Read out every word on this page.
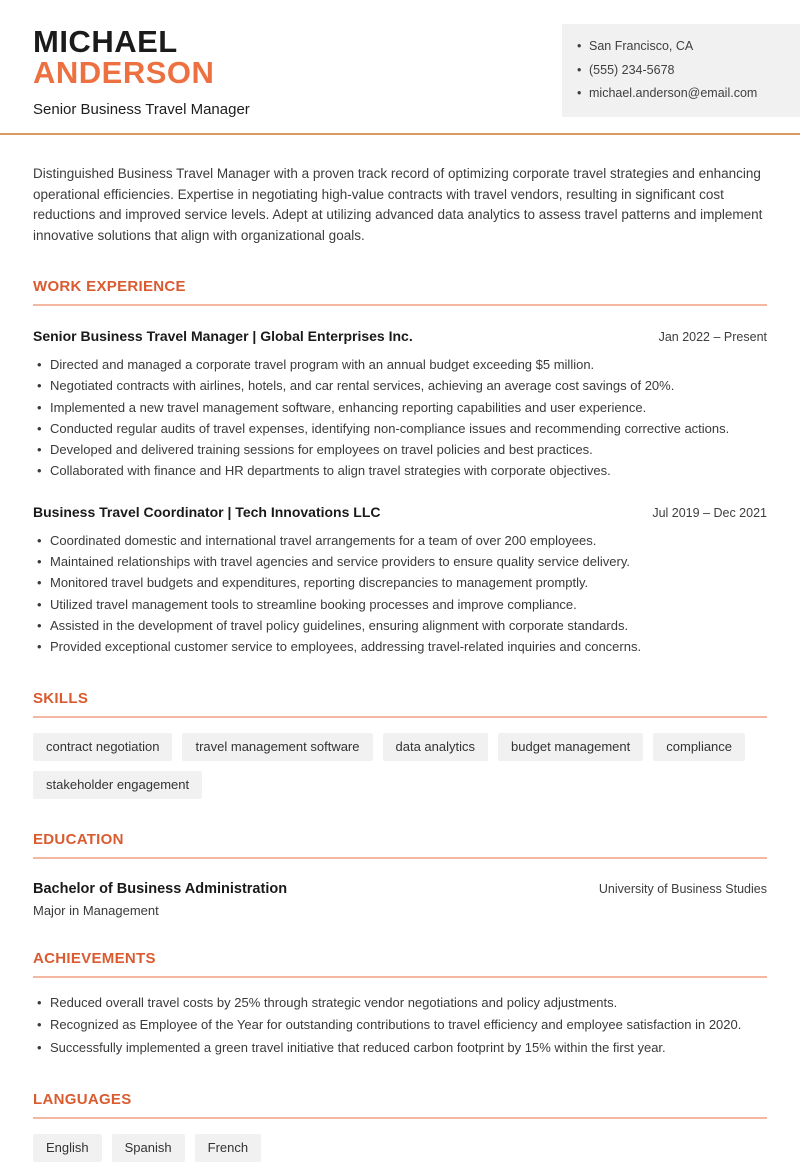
MICHAEL
ANDERSON
Senior Business Travel Manager
• San Francisco, CA
• (555) 234-5678
• michael.anderson@email.com

Distinguished Business Travel Manager with a proven track record of optimizing corporate travel strategies and enhancing operational efficiencies. Expertise in negotiating high-value contracts with travel vendors, resulting in significant cost reductions and improved service levels. Adept at utilizing advanced data analytics to assess travel patterns and implement innovative solutions that align with organizational goals.

WORK EXPERIENCE
Senior Business Travel Manager | Global Enterprises Inc.	Jan 2022 – Present
• Directed and managed a corporate travel program with an annual budget exceeding $5 million.
• Negotiated contracts with airlines, hotels, and car rental services, achieving an average cost savings of 20%.
• Implemented a new travel management software, enhancing reporting capabilities and user experience.
• Conducted regular audits of travel expenses, identifying non-compliance issues and recommending corrective actions.
• Developed and delivered training sessions for employees on travel policies and best practices.
• Collaborated with finance and HR departments to align travel strategies with corporate objectives.
Business Travel Coordinator | Tech Innovations LLC	Jul 2019 – Dec 2021
• Coordinated domestic and international travel arrangements for a team of over 200 employees.
• Maintained relationships with travel agencies and service providers to ensure quality service delivery.
• Monitored travel budgets and expenditures, reporting discrepancies to management promptly.
• Utilized travel management tools to streamline booking processes and improve compliance.
• Assisted in the development of travel policy guidelines, ensuring alignment with corporate standards.
• Provided exceptional customer service to employees, addressing travel-related inquiries and concerns.
SKILLS
contract negotiation	travel management software	data analytics	budget management	compliance
stakeholder engagement
EDUCATION
Bachelor of Business Administration	University of Business Studies
Major in Management
ACHIEVEMENTS
• Reduced overall travel costs by 25% through strategic vendor negotiations and policy adjustments.
• Recognized as Employee of the Year for outstanding contributions to travel efficiency and employee satisfaction in 2020.
• Successfully implemented a green travel initiative that reduced carbon footprint by 15% within the first year.
LANGUAGES
English	Spanish	French
